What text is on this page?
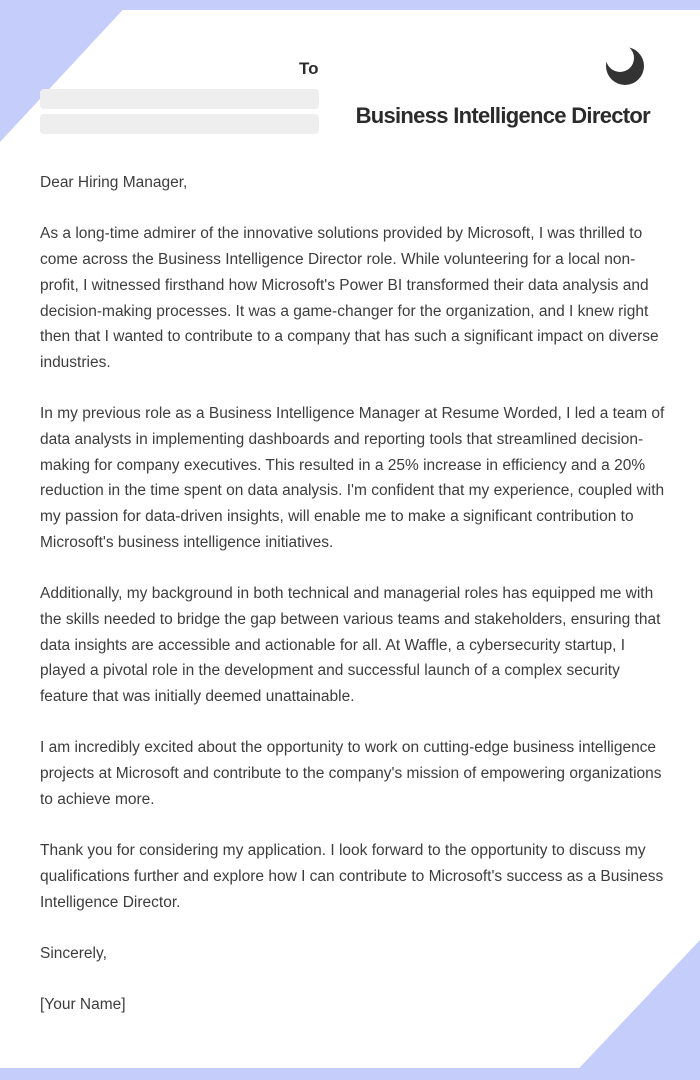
To
Business Intelligence Director

Dear Hiring Manager,

As a long-time admirer of the innovative solutions provided by Microsoft, I was thrilled to come across the Business Intelligence Director role. While volunteering for a local non-profit, I witnessed firsthand how Microsoft's Power BI transformed their data analysis and decision-making processes. It was a game-changer for the organization, and I knew right then that I wanted to contribute to a company that has such a significant impact on diverse industries.

In my previous role as a Business Intelligence Manager at Resume Worded, I led a team of data analysts in implementing dashboards and reporting tools that streamlined decision-making for company executives. This resulted in a 25% increase in efficiency and a 20% reduction in the time spent on data analysis. I'm confident that my experience, coupled with my passion for data-driven insights, will enable me to make a significant contribution to Microsoft's business intelligence initiatives.

Additionally, my background in both technical and managerial roles has equipped me with the skills needed to bridge the gap between various teams and stakeholders, ensuring that data insights are accessible and actionable for all. At Waffle, a cybersecurity startup, I played a pivotal role in the development and successful launch of a complex security feature that was initially deemed unattainable.

I am incredibly excited about the opportunity to work on cutting-edge business intelligence projects at Microsoft and contribute to the company's mission of empowering organizations to achieve more.

Thank you for considering my application. I look forward to the opportunity to discuss my qualifications further and explore how I can contribute to Microsoft's success as a Business Intelligence Director.

Sincerely,

[Your Name]
